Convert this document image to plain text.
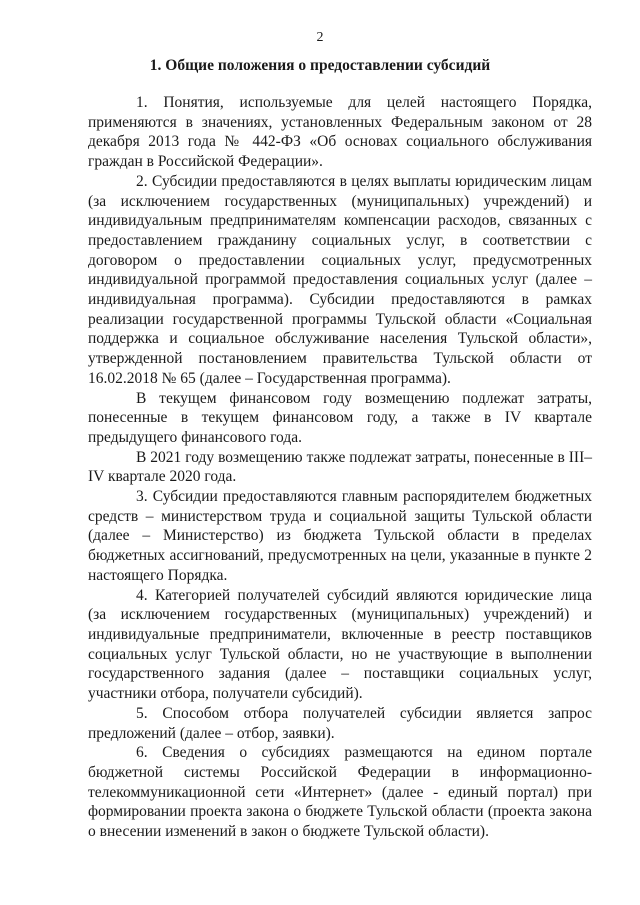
2
1. Общие положения о предоставлении субсидий

1. Понятия, используемые для целей настоящего Порядка, применяются в значениях, установленных Федеральным законом от 28 декабря 2013 года № 442-ФЗ «Об основах социального обслуживания граждан в Российской Федерации».

2. Субсидии предоставляются в целях выплаты юридическим лицам (за исключением государственных (муниципальных) учреждений) и индивидуальным предпринимателям компенсации расходов, связанных с предоставлением гражданину социальных услуг, в соответствии с договором о предоставлении социальных услуг, предусмотренных индивидуальной программой предоставления социальных услуг (далее – индивидуальная программа). Субсидии предоставляются в рамках реализации государственной программы Тульской области «Социальная поддержка и социальное обслуживание населения Тульской области», утвержденной постановлением правительства Тульской области от 16.02.2018 № 65 (далее – Государственная программа).

В текущем финансовом году возмещению подлежат затраты, понесенные в текущем финансовом году, а также в IV квартале предыдущего финансового года.

В 2021 году возмещению также подлежат затраты, понесенные в III–IV квартале 2020 года.

3. Субсидии предоставляются главным распорядителем бюджетных средств – министерством труда и социальной защиты Тульской области (далее – Министерство) из бюджета Тульской области в пределах бюджетных ассигнований, предусмотренных на цели, указанные в пункте 2 настоящего Порядка.

4. Категорией получателей субсидий являются юридические лица (за исключением государственных (муниципальных) учреждений) и индивидуальные предприниматели, включенные в реестр поставщиков социальных услуг Тульской области, но не участвующие в выполнении государственного задания (далее – поставщики социальных услуг, участники отбора, получатели субсидий).

5. Способом отбора получателей субсидии является запрос предложений (далее – отбор, заявки).

6. Сведения о субсидиях размещаются на едином портале бюджетной системы Российской Федерации в информационно-телекоммуникационной сети «Интернет» (далее - единый портал) при формировании проекта закона о бюджете Тульской области (проекта закона о внесении изменений в закон о бюджете Тульской области).
